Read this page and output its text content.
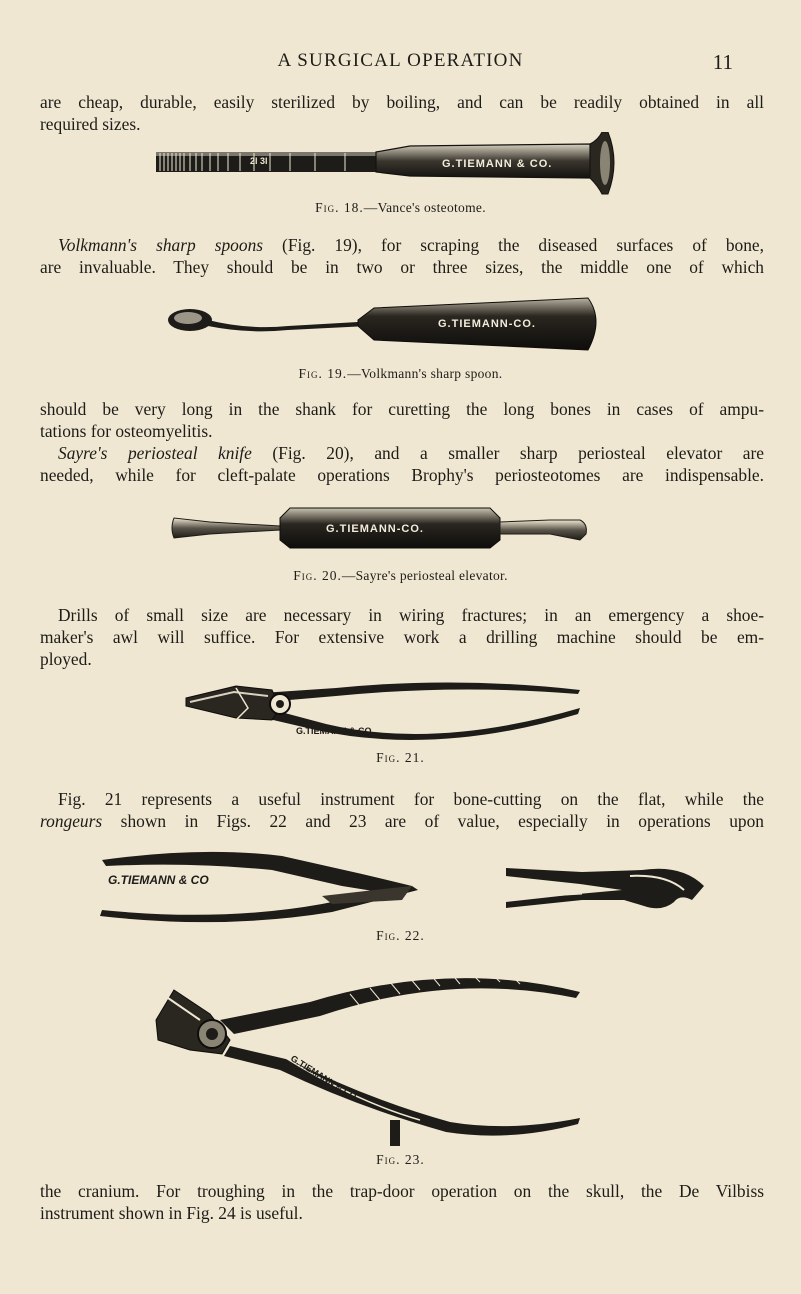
A SURGICAL OPERATION	11

are cheap, durable, easily sterilized by boiling, and can be readily obtained in all
required sizes.

2l 3l	G.TIEMANN & CO.
Fig. 18.—Vance's osteotome.

Volkmann's sharp spoons (Fig. 19), for scraping the diseased surfaces of bone,
are invaluable. They should be in two or three sizes, the middle one of which

G.TIEMANN-CO.
Fig. 19.—Volkmann's sharp spoon.

should be very long in the shank for curetting the long bones in cases of ampu-
tations for osteomyelitis.
Sayre's periosteal knife (Fig. 20), and a smaller sharp periosteal elevator are
needed, while for cleft-palate operations Brophy's periosteotomes are indispensable.

G.TIEMANN-CO.
Fig. 20.—Sayre's periosteal elevator.

Drills of small size are necessary in wiring fractures; in an emergency a shoe-
maker's awl will suffice. For extensive work a drilling machine should be em-
ployed.

G.TIEMANN & CO
Fig. 21.

Fig. 21 represents a useful instrument for bone-cutting on the flat, while the
rongeurs shown in Figs. 22 and 23 are of value, especially in operations upon

G.TIEMANN & CO
Fig. 22.
G.TIEMANN & CO
Fig. 23.

the cranium. For troughing in the trap-door operation on the skull, the De Vilbiss
instrument shown in Fig. 24 is useful.
